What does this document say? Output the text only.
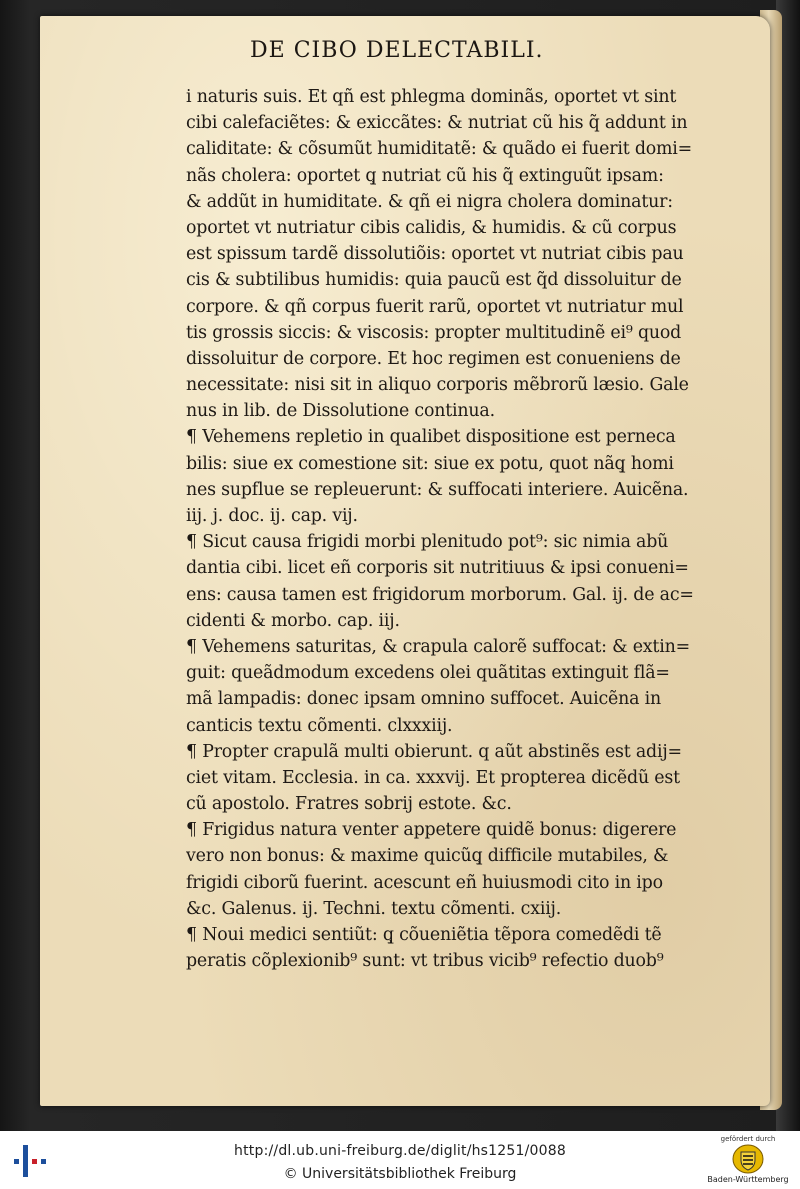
DE CIBO DELECTABILI.
i naturis suis. Et qñ est phlegma dominãs, oportet vt sint
cibi calefaciẽtes: & exiccãtes: & nutriat cũ his q̃ addunt in
caliditate: & cõsumũt humiditatẽ: & quãdo ei fuerit domi=
nãs cholera: oportet q̧ nutriat cũ his q̃ extinguũt ipsam:
& addũt in humiditate. & qñ ei nigra cholera dominatur:
oportet vt nutriatur cibis calidis, & humidis. & cũ corpus
est spissum tardẽ dissolutiõis: oportet vt nutriat cibis pau
cis & subtilibus humidis: quia paucũ est q̃d dissoluitur de
corpore. & qñ corpus fuerit rarũ, oportet vt nutriatur mul
tis grossis siccis: & viscosis: propter multitudinẽ ei⁹ quod
dissoluitur de corpore. Et hoc regimen est conueniens de
necessitate: nisi sit in aliquo corporis mẽbrorũ læsio. Gale
nus in lib. de Dissolutione continua.
¶ Vehemens repletio in qualibet dispositione est perneca
bilis: siue ex comestione sit: siue ex potu, quot nãq̧ homi
nes supflue se repleuerunt: & suffocati interiere. Auicẽna.
iij. j. doc. ij. cap. vij.
¶ Sicut causa frigidi morbi plenitudo pot⁹: sic nimia abũ
dantia cibi. licet eñ corporis sit nutritiuus & ipsi conueni=
ens: causa tamen est frigidorum morborum. Gal. ij. de ac=
cidenti & morbo. cap. iij.
¶ Vehemens saturitas, & crapula calorẽ suffocat: & extin=
guit: queãdmodum excedens olei quãtitas extinguit flã=
mã lampadis: donec ipsam omnino suffocet. Auicẽna in
canticis textu cõmenti. clxxxiij.
¶ Propter crapulã multi obierunt. q aũt abstinẽs est adij=
ciet vitam. Ecclesia. in ca. xxxvij. Et propterea dicẽdũ est
cũ apostolo. Fratres sobrij estote. &c.
¶ Frigidus natura venter appetere quidẽ bonus: digerere
vero non bonus: & maxime quicũq̧ difficile mutabiles, &
frigidi ciborũ fuerint. acescunt eñ huiusmodi cito in ipo
&c. Galenus. ij. Techni. textu cõmenti. cxiij.
¶ Noui medici sentiũt: q̧ cõueniẽtia tẽpora comedẽdi tẽ
peratis cõplexionib⁹ sunt: vt tribus vicib⁹ refectio duob⁹
http://dl.ub.uni-freiburg.de/diglit/hs1251/0088
© Universitätsbibliothek Freiburg
gefördert durch
Baden-Württemberg
